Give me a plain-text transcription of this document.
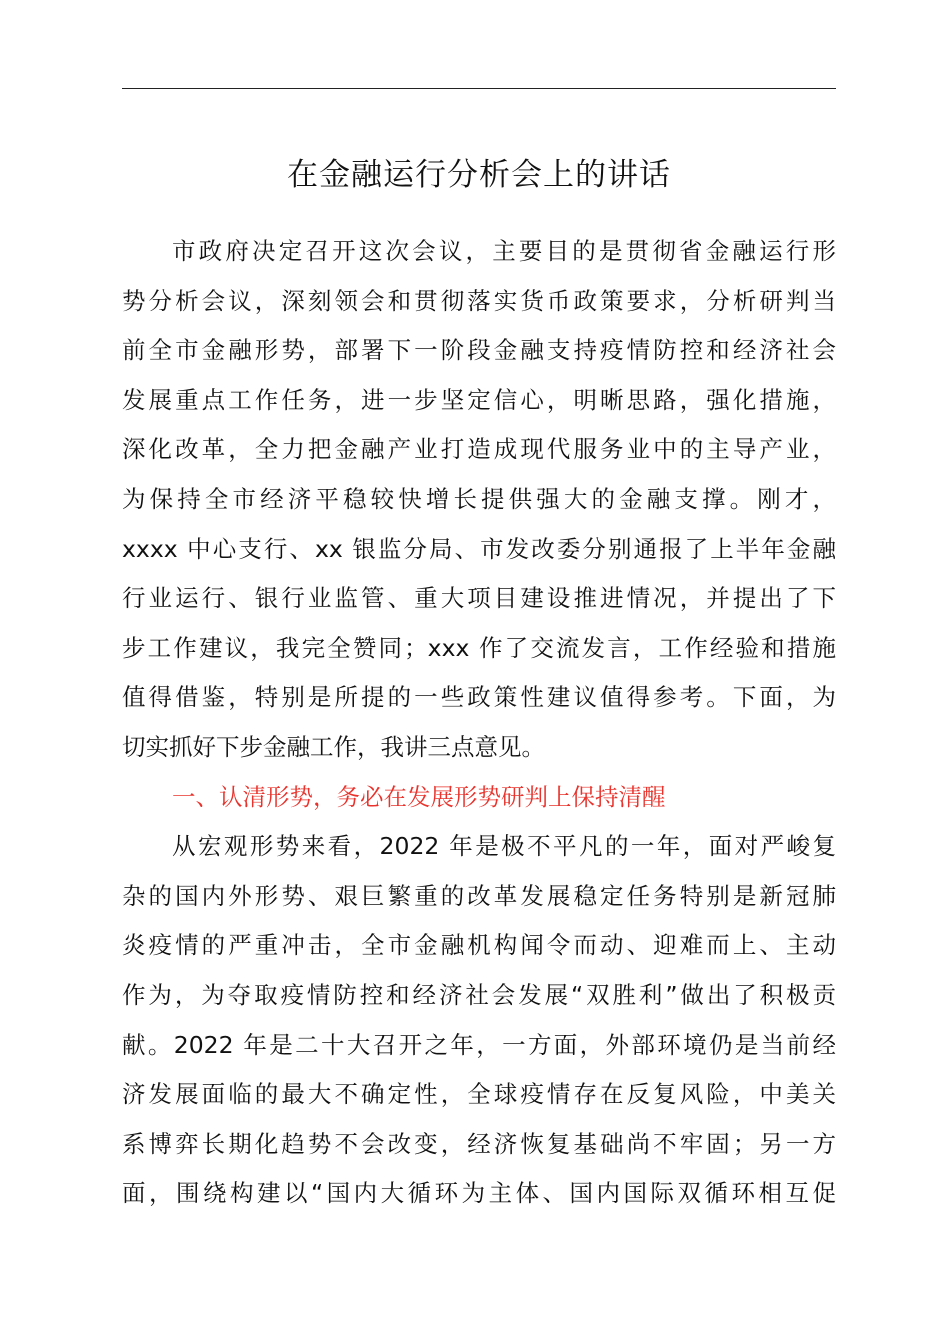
在金融运行分析会上的讲话
市政府决定召开这次会议，主要目的是贯彻省金融运行形
势分析会议，深刻领会和贯彻落实货币政策要求，分析研判当
前全市金融形势，部署下一阶段金融支持疫情防控和经济社会
发展重点工作任务，进一步坚定信心，明晰思路，强化措施，
深化改革，全力把金融产业打造成现代服务业中的主导产业，
为保持全市经济平稳较快增长提供强大的金融支撑。刚才，
xxxx 中心支行、xx 银监分局、市发改委分别通报了上半年金融
行业运行、银行业监管、重大项目建设推进情况，并提出了下
步工作建议，我完全赞同；xxx 作了交流发言，工作经验和措施
值得借鉴，特别是所提的一些政策性建议值得参考。下面，为
切实抓好下步金融工作，我讲三点意见。
一、认清形势，务必在发展形势研判上保持清醒
从宏观形势来看，2022 年是极不平凡的一年，面对严峻复
杂的国内外形势、艰巨繁重的改革发展稳定任务特别是新冠肺
炎疫情的严重冲击，全市金融机构闻令而动、迎难而上、主动
作为，为夺取疫情防控和经济社会发展“双胜利”做出了积极贡
献。2022 年是二十大召开之年，一方面，外部环境仍是当前经
济发展面临的最大不确定性，全球疫情存在反复风险，中美关
系博弈长期化趋势不会改变，经济恢复基础尚不牢固；另一方
面，围绕构建以“国内大循环为主体、国内国际双循环相互促
